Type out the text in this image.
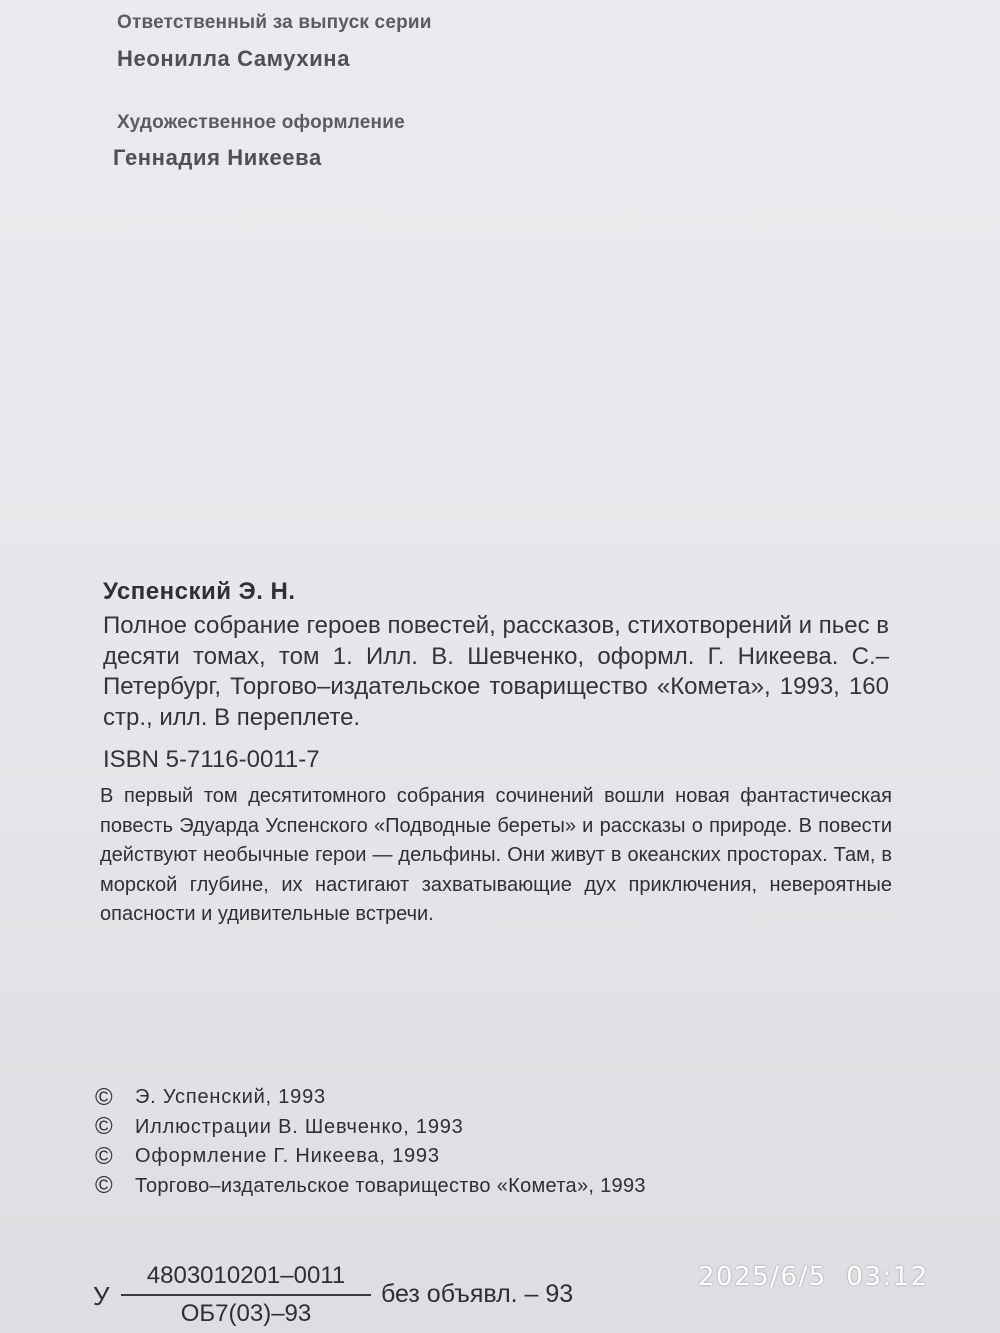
Ответственный за выпуск серии
Неонилла Самухина
Художественное оформление
Геннадия Никеева
Успенский Э. Н.
Полное собрание героев повестей, рассказов, стихотворений и пьес в десяти томах, том 1. Илл. В. Шевченко, оформл. Г. Никеева. С.–Петербург, Торгово–издательское товарищество «Комета», 1993, 160 стр., илл. В переплете.
ISBN 5-7116-0011-7
В первый том десятитомного собрания сочинений вошли новая фантастическая повесть Эдуарда Успенского «Подводные береты» и рассказы о природе. В повести действуют необычные герои — дельфины. Они живут в океанских просторах. Там, в морской глубине, их настигают захватывающие дух приключения, невероятные опасности и удивительные встречи.
©	Э. Успенский, 1993
©	Иллюстрации В. Шевченко, 1993
©	Оформление Г. Никеева, 1993
©	Торгово–издательское товарищество «Комета», 1993
У
4803010201–0011
ОБ7(03)–93
без объявл. – 93
2025/6/5  03:12
